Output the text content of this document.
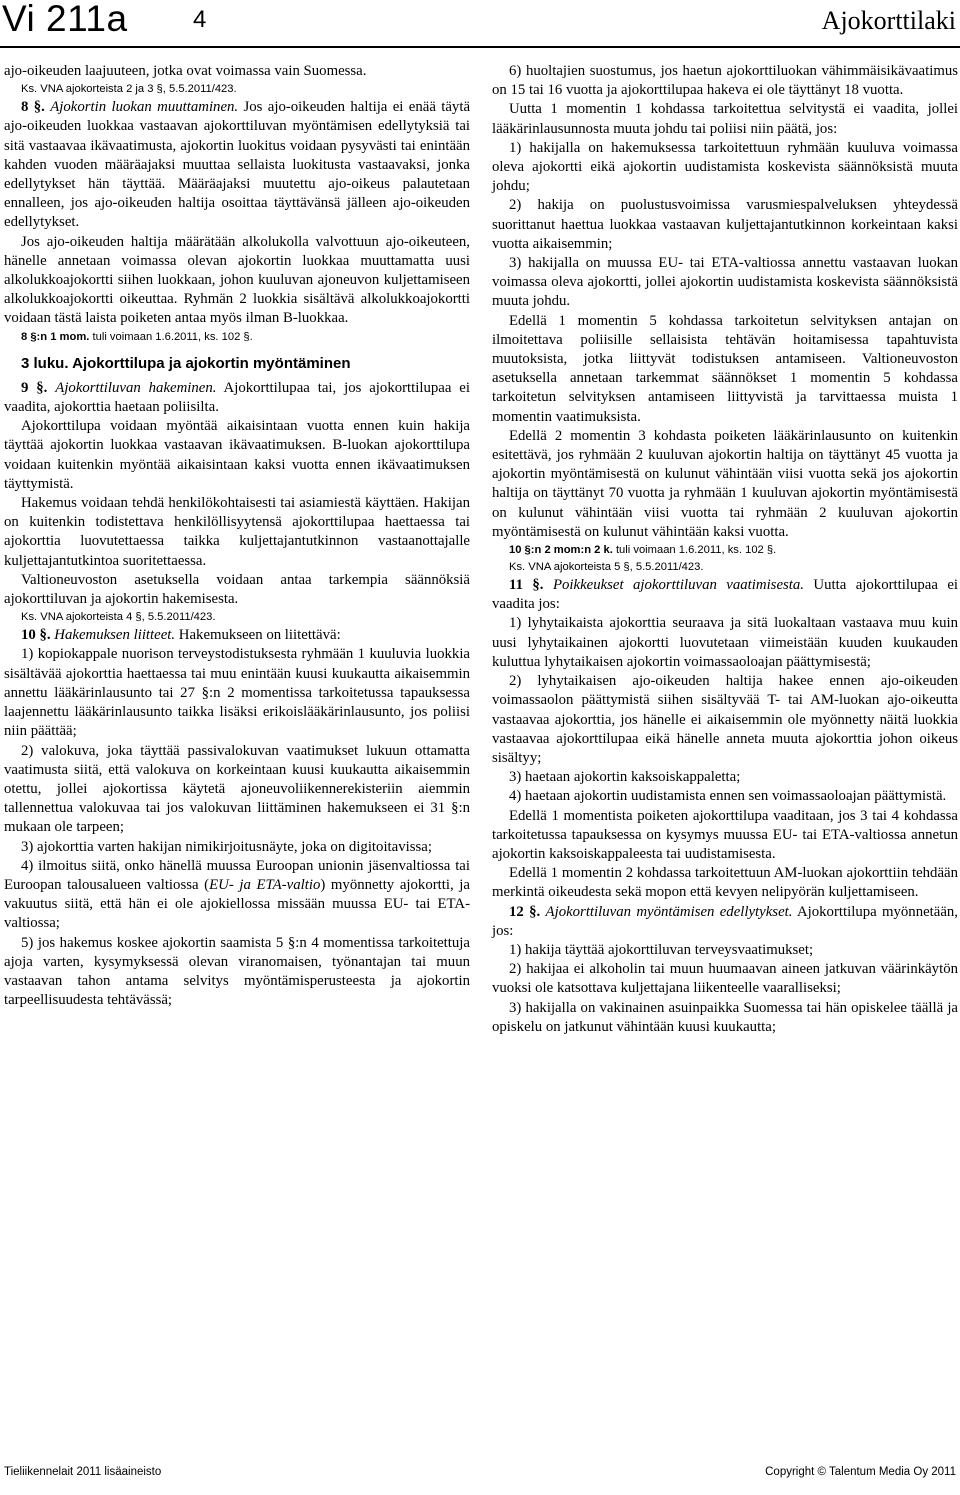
Vi 211a	4	Ajokorttilaki

ajo-oikeuden laajuuteen, jotka ovat voimassa vain Suomessa.

Ks. VNA ajokorteista 2 ja 3 §, 5.5.2011/423.

8 §. Ajokortin luokan muuttaminen. Jos ajo-oikeuden haltija ei enää täytä ajo-oikeuden luokkaa vastaavan ajokorttiluvan myöntämisen edellytyksiä tai sitä vastaavaa ikävaatimusta, ajokortin luokitus voidaan pysyvästi tai enintään kahden vuoden määräajaksi muuttaa sellaista luokitusta vastaavaksi, jonka edellytykset hän täyttää. Määräajaksi muutettu ajo-oikeus palautetaan ennalleen, jos ajo-oikeuden haltija osoittaa täyttävänsä jälleen ajo-oikeuden edellytykset.

Jos ajo-oikeuden haltija määrätään alkolukolla valvottuun ajo-oikeuteen, hänelle annetaan voimassa olevan ajokortin luokkaa muuttamatta uusi alkolukkoajokortti siihen luokkaan, johon kuuluvan ajoneuvon kuljettamiseen alkolukkoajokortti oikeuttaa. Ryhmän 2 luokkia sisältävä alkolukkoajokortti voidaan tästä laista poiketen antaa myös ilman B-luokkaa.

8 §:n 1 mom. tuli voimaan 1.6.2011, ks. 102 §.

3 luku. Ajokorttilupa ja ajokortin myöntäminen

9 §. Ajokorttiluvan hakeminen. Ajokorttilupaa tai, jos ajokorttilupaa ei vaadita, ajokorttia haetaan poliisilta.

Ajokorttilupa voidaan myöntää aikaisintaan vuotta ennen kuin hakija täyttää ajokortin luokkaa vastaavan ikävaatimuksen. B-luokan ajokorttilupa voidaan kuitenkin myöntää aikaisintaan kaksi vuotta ennen ikävaatimuksen täyttymistä.

Hakemus voidaan tehdä henkilökohtaisesti tai asiamiestä käyttäen. Hakijan on kuitenkin todistettava henkilöllisyytensä ajokorttilupaa haettaessa tai ajokorttia luovutettaessa taikka kuljettajantutkinnon vastaanottajalle kuljettajantutkintoa suoritettaessa.

Valtioneuvoston asetuksella voidaan antaa tarkempia säännöksiä ajokorttiluvan ja ajokortin hakemisesta.

Ks. VNA ajokorteista 4 §, 5.5.2011/423.

10 §. Hakemuksen liitteet. Hakemukseen on liitettävä:

1) kopiokappale nuorison terveystodistuksesta ryhmään 1 kuuluvia luokkia sisältävää ajokorttia haettaessa tai muu enintään kuusi kuukautta aikaisemmin annettu lääkärinlausunto tai 27 §:n 2 momentissa tarkoitetussa tapauksessa laajennettu lääkärinlausunto taikka lisäksi erikoislääkärinlausunto, jos poliisi niin päättää;

2) valokuva, joka täyttää passivalokuvan vaatimukset lukuun ottamatta vaatimusta siitä, että valokuva on korkeintaan kuusi kuukautta aikaisemmin otettu, jollei ajokortissa käytetä ajoneuvoliikennerekisteriin aiemmin tallennettua valokuvaa tai jos valokuvan liittäminen hakemukseen ei 31 §:n mukaan ole tarpeen;

3) ajokorttia varten hakijan nimikirjoitusnäyte, joka on digitoitavissa;

4) ilmoitus siitä, onko hänellä muussa Euroopan unionin jäsenvaltiossa tai Euroopan talousalueen valtiossa (EU- ja ETA-valtio) myönnetty ajokortti, ja vakuutus siitä, että hän ei ole ajokiellossa missään muussa EU- tai ETA-valtiossa;

5) jos hakemus koskee ajokortin saamista 5 §:n 4 momentissa tarkoitettuja ajoja varten, kysymyksessä olevan viranomaisen, työnantajan tai muun vastaavan tahon antama selvitys myöntämisperusteesta ja ajokortin tarpeellisuudesta tehtävässä;

6) huoltajien suostumus, jos haetun ajokorttiluokan vähimmäisikävaatimus on 15 tai 16 vuotta ja ajokorttilupaa hakeva ei ole täyttänyt 18 vuotta.

Uutta 1 momentin 1 kohdassa tarkoitettua selvitystä ei vaadita, jollei lääkärinlausunnosta muuta johdu tai poliisi niin päätä, jos:

1) hakijalla on hakemuksessa tarkoitettuun ryhmään kuuluva voimassa oleva ajokortti eikä ajokortin uudistamista koskevista säännöksistä muuta johdu;

2) hakija on puolustusvoimissa varusmiespalveluksen yhteydessä suorittanut haettua luokkaa vastaavan kuljettajantutkinnon korkeintaan kaksi vuotta aikaisemmin;

3) hakijalla on muussa EU- tai ETA-valtiossa annettu vastaavan luokan voimassa oleva ajokortti, jollei ajokortin uudistamista koskevista säännöksistä muuta johdu.

Edellä 1 momentin 5 kohdassa tarkoitetun selvityksen antajan on ilmoitettava poliisille sellaisista tehtävän hoitamisessa tapahtuvista muutoksista, jotka liittyvät todistuksen antamiseen. Valtioneuvoston asetuksella annetaan tarkemmat säännökset 1 momentin 5 kohdassa tarkoitetun selvityksen antamiseen liittyvistä ja tarvittaessa muista 1 momentin vaatimuksista.

Edellä 2 momentin 3 kohdasta poiketen lääkärinlausunto on kuitenkin esitettävä, jos ryhmään 2 kuuluvan ajokortin haltija on täyttänyt 45 vuotta ja ajokortin myöntämisestä on kulunut vähintään viisi vuotta sekä jos ajokortin haltija on täyttänyt 70 vuotta ja ryhmään 1 kuuluvan ajokortin myöntämisestä on kulunut vähintään viisi vuotta tai ryhmään 2 kuuluvan ajokortin myöntämisestä on kulunut vähintään kaksi vuotta.

10 §:n 2 mom:n 2 k. tuli voimaan 1.6.2011, ks. 102 §.

Ks. VNA ajokorteista 5 §, 5.5.2011/423.

11 §. Poikkeukset ajokorttiluvan vaatimisesta. Uutta ajokorttilupaa ei vaadita jos:

1) lyhytaikaista ajokorttia seuraava ja sitä luokaltaan vastaava muu kuin uusi lyhytaikainen ajokortti luovutetaan viimeistään kuuden kuukauden kuluttua lyhytaikaisen ajokortin voimassaoloajan päättymisestä;

2) lyhytaikaisen ajo-oikeuden haltija hakee ennen ajo-oikeuden voimassaolon päättymistä siihen sisältyvää T- tai AM-luokan ajo-oikeutta vastaavaa ajokorttia, jos hänelle ei aikaisemmin ole myönnetty näitä luokkia vastaavaa ajokorttilupaa eikä hänelle anneta muuta ajokorttia johon oikeus sisältyy;

3) haetaan ajokortin kaksoiskappaletta;

4) haetaan ajokortin uudistamista ennen sen voimassaoloajan päättymistä.

Edellä 1 momentista poiketen ajokorttilupa vaaditaan, jos 3 tai 4 kohdassa tarkoitetussa tapauksessa on kysymys muussa EU- tai ETA-valtiossa annetun ajokortin kaksoiskappaleesta tai uudistamisesta.

Edellä 1 momentin 2 kohdassa tarkoitettuun AM-luokan ajokorttiin tehdään merkintä oikeudesta sekä mopon että kevyen nelipyörän kuljettamiseen.

12 §. Ajokorttiluvan myöntämisen edellytykset. Ajokorttilupa myönnetään, jos:

1) hakija täyttää ajokorttiluvan terveysvaatimukset;

2) hakijaa ei alkoholin tai muun huumaavan aineen jatkuvan väärinkäytön vuoksi ole katsottava kuljettajana liikenteelle vaaralliseksi;

3) hakijalla on vakinainen asuinpaikka Suomessa tai hän opiskelee täällä ja opiskelu on jatkunut vähintään kuusi kuukautta;

Tieliikennelait 2011 lisäaineisto	Copyright © Talentum Media Oy 2011
